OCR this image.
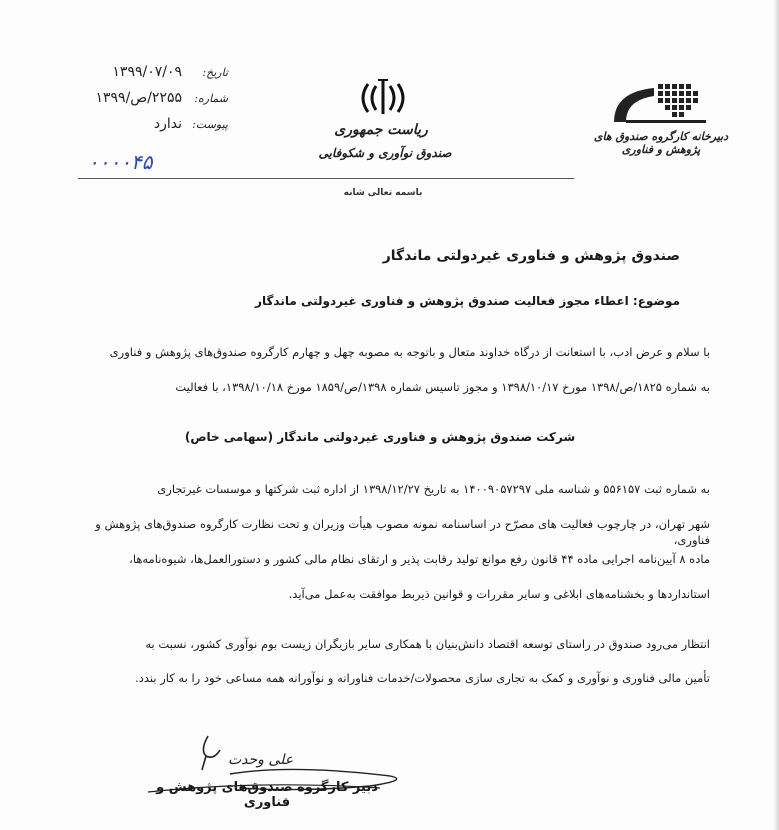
دبیرخانه کارگروه صندوق های پژوهش و فناوری
ریاست جمهوری
صندوق نوآوری و شکوفایی
باسمه تعالی شانه
تاریخ:
۱۳۹۹/۰۷/۰۹
شماره:
۲۲۵۵/ص/۱۳۹۹
پیوست:
ندارد
۰۰۰۰۴۵
صندوق پژوهش و فناوری غیردولتی ماندگار
موضوع: اعطاء مجوز فعالیت صندوق پژوهش و فناوری غیردولتی ماندگار
با سلام و عرض ادب، با استعانت از درگاه خداوند متعال و باتوجه به مصوبه چهل و چهارم کارگروه صندوق‌های پژوهش و فناوری
به شماره ۱۸۲۵/ص/۱۳۹۸ مورخ ۱۳۹۸/۱۰/۱۷ و مجوز تاسیس شماره ۱۳۹۸/ص/۱۸۵۹ مورخ ۱۳۹۸/۱۰/۱۸، با فعالیت
شرکت صندوق پژوهش و فناوری غیردولتی ماندگار (سهامی خاص)
به شماره ثبت ۵۵۶۱۵۷ و شناسه ملی ۱۴۰۰۹۰۵۷۲۹۷ به تاریخ ۱۳۹۸/۱۲/۲۷ از اداره ثبت شرکتها و موسسات غیرتجاری
شهر تهران، در چارچوب فعالیت های مصرّح در اساسنامه نمونه مصوب هیأت وزیران و تحت نظارت کارگروه صندوق‌های پژوهش و فناوری،
ماده ۸ آیین‌نامه اجرایی ماده ۴۴ قانون رفع موانع تولید رقابت پذیر و ارتقای نظام مالی کشور و دستورالعمل‌ها، شیوه‌نامه‌ها،
استانداردها و بخشنامه‌های ابلاغی و سایر مقررات و قوانین ذیربط موافقت به‌عمل می‌آید.
انتظار می‌رود صندوق در راستای توسعه اقتصاد دانش‌بنیان با همکاری سایر بازیگران زیست بوم نوآوری کشور، نسبت به
تأمین مالی فناوری و نوآوری و کمک به تجاری سازی محصولات/خدمات فناورانه و نوآورانه همه مساعی خود را به کار بندد.
علی وحدت
دبیر کارگروه صندوق‌های پژوهش و فناوری
